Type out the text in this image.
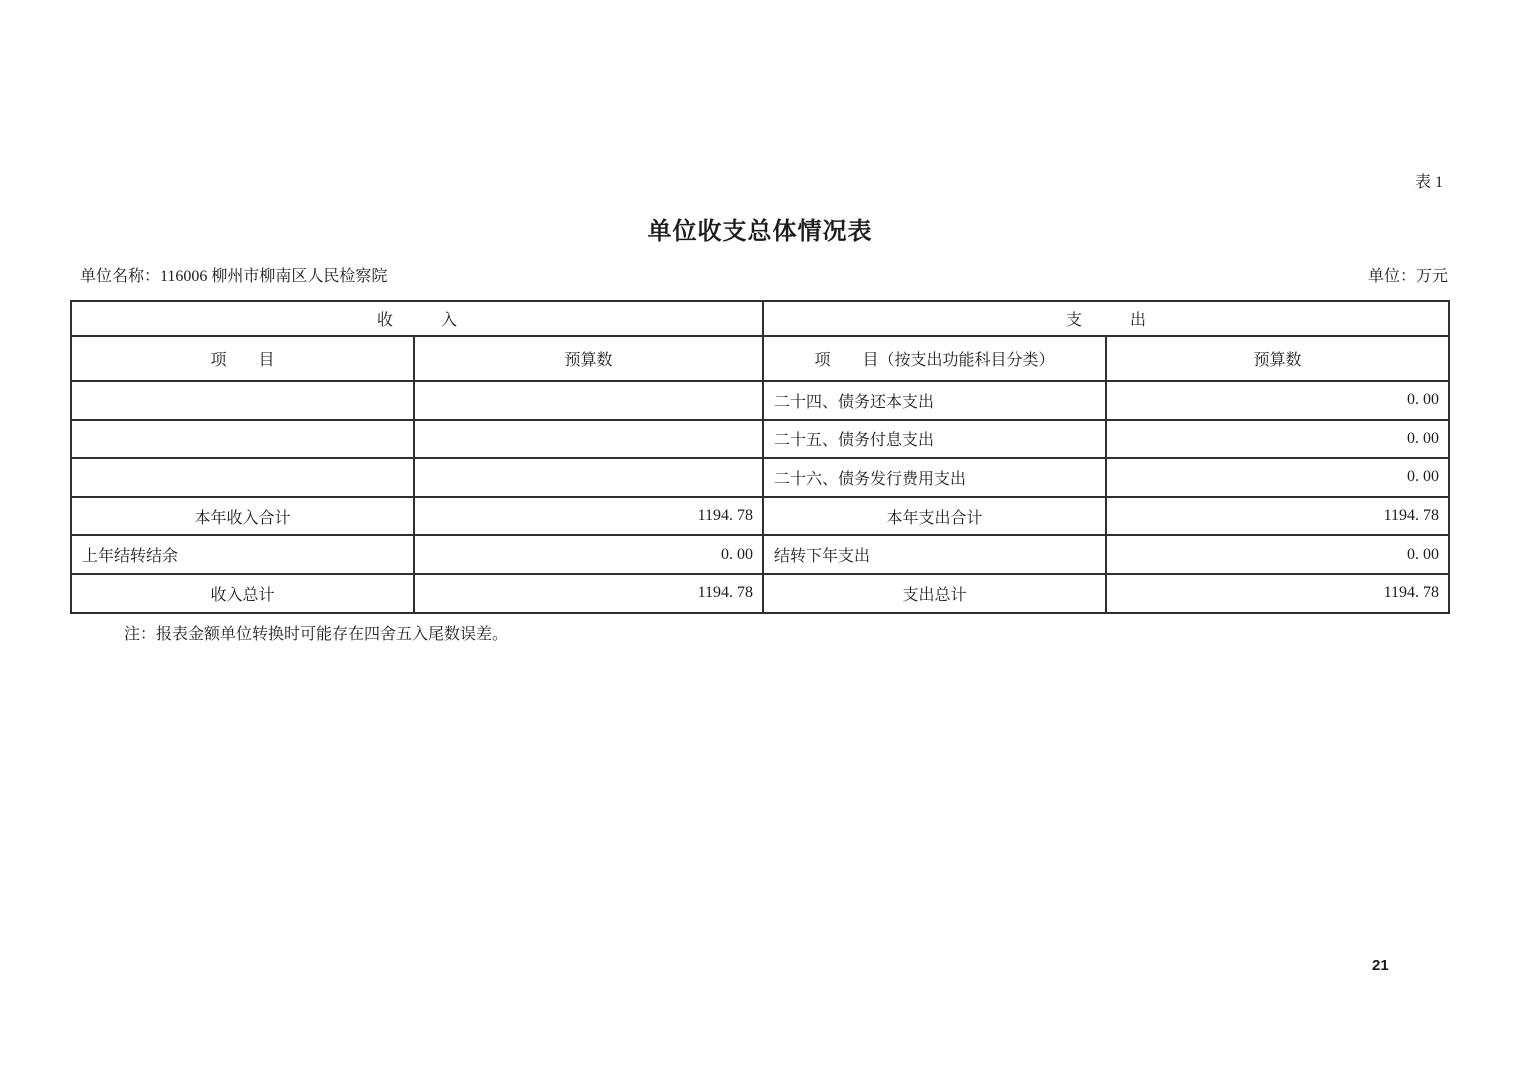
表 1
单位收支总体情况表
单位名称：116006 柳州市柳南区人民检察院	单位：万元
收　　　入		支　　　出	
项　　目	预算数	项　　目（按支出功能科目分类）	预算数
		二十四、债务还本支出	0. 00
		二十五、债务付息支出	0. 00
		二十六、债务发行费用支出	0. 00
本年收入合计	1194. 78	本年支出合计	1194. 78
上年结转结余	0. 00	结转下年支出	0. 00
收入总计	1194. 78	支出总计	1194. 78
注：报表金额单位转换时可能存在四舍五入尾数误差。
21
